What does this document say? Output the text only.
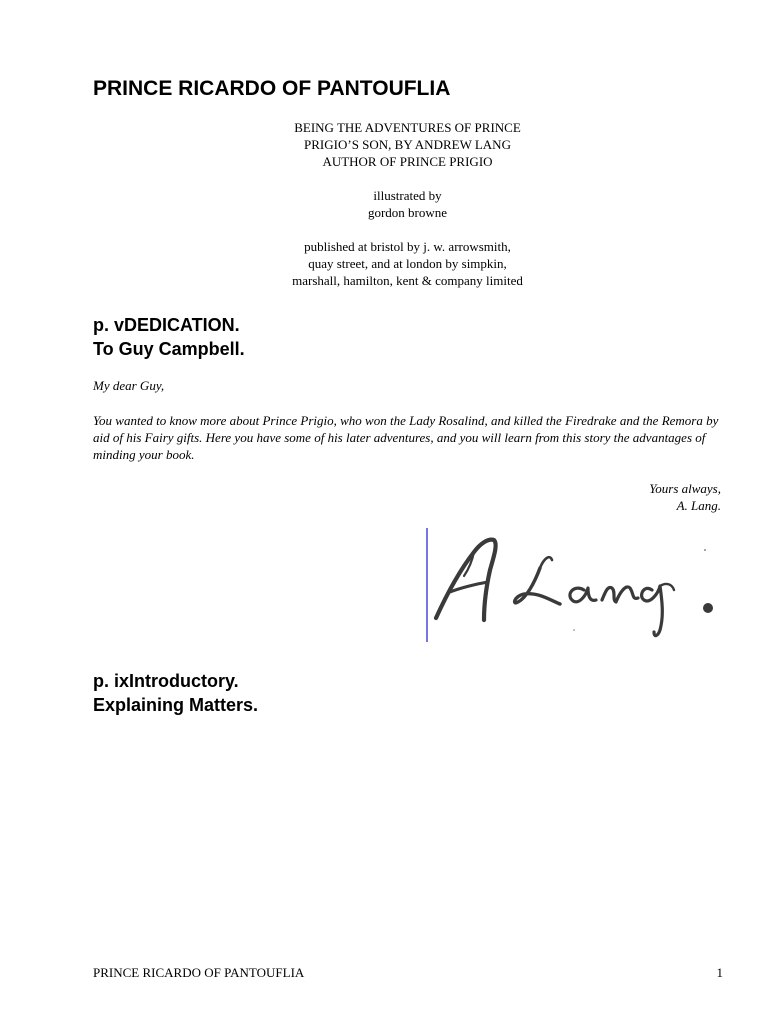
PRINCE RICARDO OF PANTOUFLIA

BEING THE ADVENTURES OF PRINCE

PRIGIO’S SON, BY ANDREW LANG

AUTHOR OF PRINCE PRIGIO

illustrated by

gordon browne

published at bristol by j. w. arrowsmith,

quay street, and at london by simpkin,

marshall, hamilton, kent & company limited

p. vDEDICATION.
To Guy Campbell.

My dear Guy,

You wanted to know more about Prince Prigio, who won the Lady Rosalind, and killed the Firedrake and the Remora by aid of his Fairy gifts. Here you have some of his later adventures, and you will learn from this story the advantages of minding your book.

Yours always,

A. Lang.

p. ixIntroductory.
Explaining Matters.
PRINCE RICARDO OF PANTOUFLIA	1
